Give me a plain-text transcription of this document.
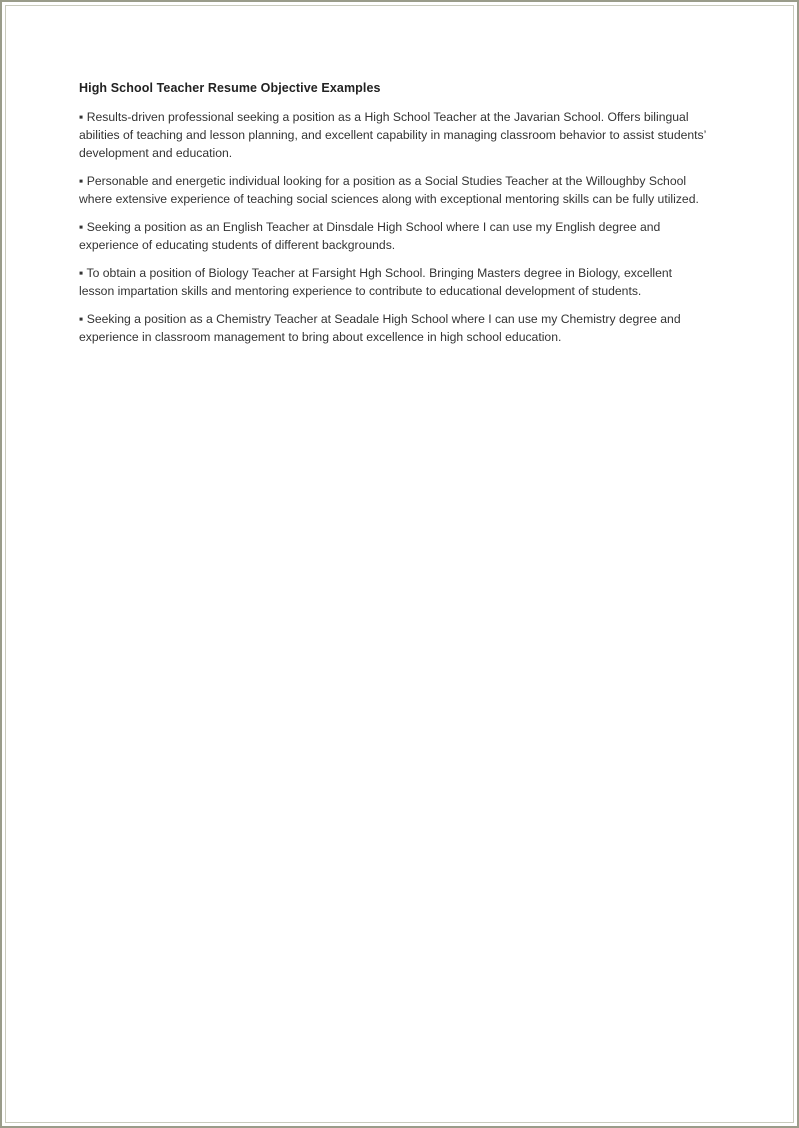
High School Teacher Resume Objective Examples

▪ Results-driven professional seeking a position as a High School Teacher at the Javarian School. Offers bilingual abilities of teaching and lesson planning, and excellent capability in managing classroom behavior to assist students’ development and education.

▪ Personable and energetic individual looking for a position as a Social Studies Teacher at the Willoughby School where extensive experience of teaching social sciences along with exceptional mentoring skills can be fully utilized.

▪ Seeking a position as an English Teacher at Dinsdale High School where I can use my English degree and experience of educating students of different backgrounds.

▪ To obtain a position of Biology Teacher at Farsight Hgh School. Bringing Masters degree in Biology, excellent lesson impartation skills and mentoring experience to contribute to educational development of students.

▪ Seeking a position as a Chemistry Teacher at Seadale High School where I can use my Chemistry degree and experience in classroom management to bring about excellence in high school education.
